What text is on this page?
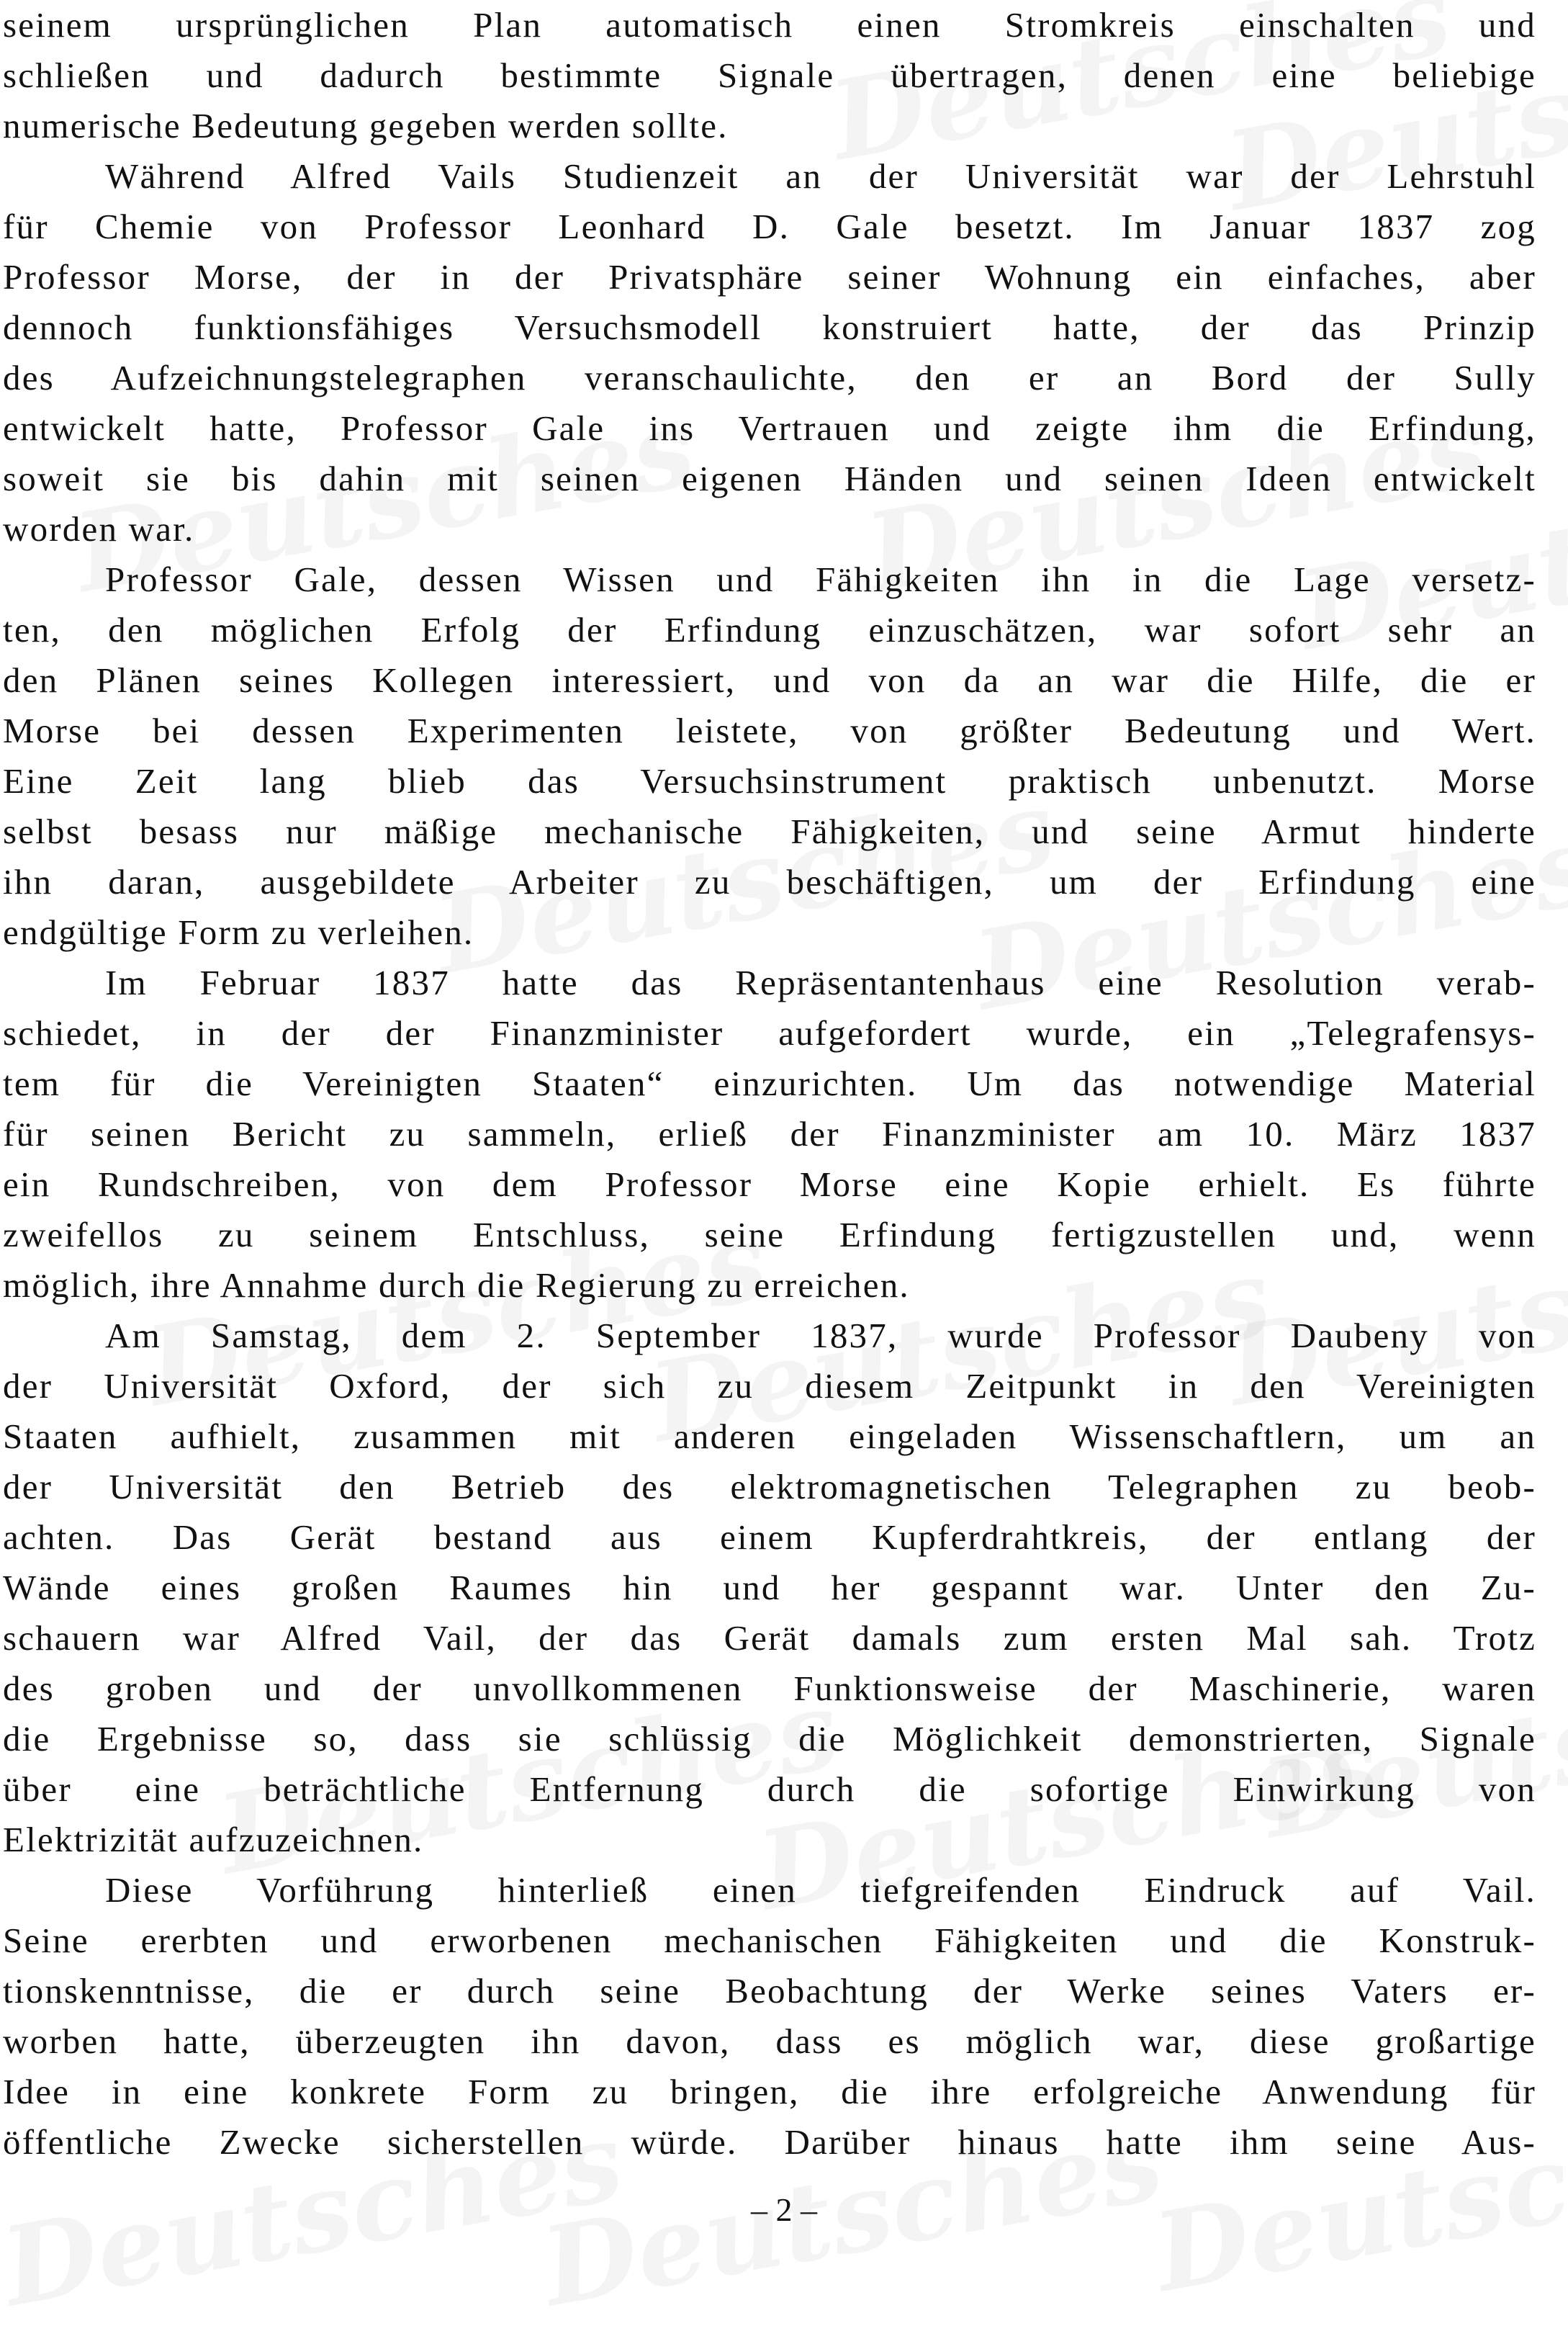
seinem ursprünglichen Plan automatisch einen Stromkreis einschalten und
schließen und dadurch bestimmte Signale übertragen, denen eine beliebige
numerische Bedeutung gegeben werden sollte.
Während Alfred Vails Studienzeit an der Universität war der Lehrstuhl
für Chemie von Professor Leonhard D. Gale besetzt. Im Januar 1837 zog
Professor Morse, der in der Privatsphäre seiner Wohnung ein einfaches, aber
dennoch funktionsfähiges Versuchsmodell konstruiert hatte, der das Prinzip
des Aufzeichnungstelegraphen veranschaulichte, den er an Bord der Sully
entwickelt hatte, Professor Gale ins Vertrauen und zeigte ihm die Erfindung,
soweit sie bis dahin mit seinen eigenen Händen und seinen Ideen entwickelt
worden war.
Professor Gale, dessen Wissen und Fähigkeiten ihn in die Lage versetz-
ten, den möglichen Erfolg der Erfindung einzuschätzen, war sofort sehr an
den Plänen seines Kollegen interessiert, und von da an war die Hilfe, die er
Morse bei dessen Experimenten leistete, von größter Bedeutung und Wert.
Eine Zeit lang blieb das Versuchsinstrument praktisch unbenutzt. Morse
selbst besass nur mäßige mechanische Fähigkeiten, und seine Armut hinderte
ihn daran, ausgebildete Arbeiter zu beschäftigen, um der Erfindung eine
endgültige Form zu verleihen.
Im Februar 1837 hatte das Repräsentantenhaus eine Resolution verab-
schiedet, in der der Finanzminister aufgefordert wurde, ein „Telegrafensys-
tem für die Vereinigten Staaten“ einzurichten. Um das notwendige Material
für seinen Bericht zu sammeln, erließ der Finanzminister am 10. März 1837
ein Rundschreiben, von dem Professor Morse eine Kopie erhielt. Es führte
zweifellos zu seinem Entschluss, seine Erfindung fertigzustellen und, wenn
möglich, ihre Annahme durch die Regierung zu erreichen.
Am Samstag, dem 2. September 1837, wurde Professor Daubeny von
der Universität Oxford, der sich zu diesem Zeitpunkt in den Vereinigten
Staaten aufhielt, zusammen mit anderen eingeladen Wissenschaftlern, um an
der Universität den Betrieb des elektromagnetischen Telegraphen zu beob-
achten. Das Gerät bestand aus einem Kupferdrahtkreis, der entlang der
Wände eines großen Raumes hin und her gespannt war. Unter den Zu-
schauern war Alfred Vail, der das Gerät damals zum ersten Mal sah. Trotz
des groben und der unvollkommenen Funktionsweise der Maschinerie, waren
die Ergebnisse so, dass sie schlüssig die Möglichkeit demonstrierten, Signale
über eine beträchtliche Entfernung durch die sofortige Einwirkung von
Elektrizität aufzuzeichnen.
Diese Vorführung hinterließ einen tiefgreifenden Eindruck auf Vail.
Seine ererbten und erworbenen mechanischen Fähigkeiten und die Konstruk-
tionskenntnisse, die er durch seine Beobachtung der Werke seines Vaters er-
worben hatte, überzeugten ihn davon, dass es möglich war, diese großartige
Idee in eine konkrete Form zu bringen, die ihre erfolgreiche Anwendung für
öffentliche Zwecke sicherstellen würde. Darüber hinaus hatte ihm seine Aus-
– 2 –
